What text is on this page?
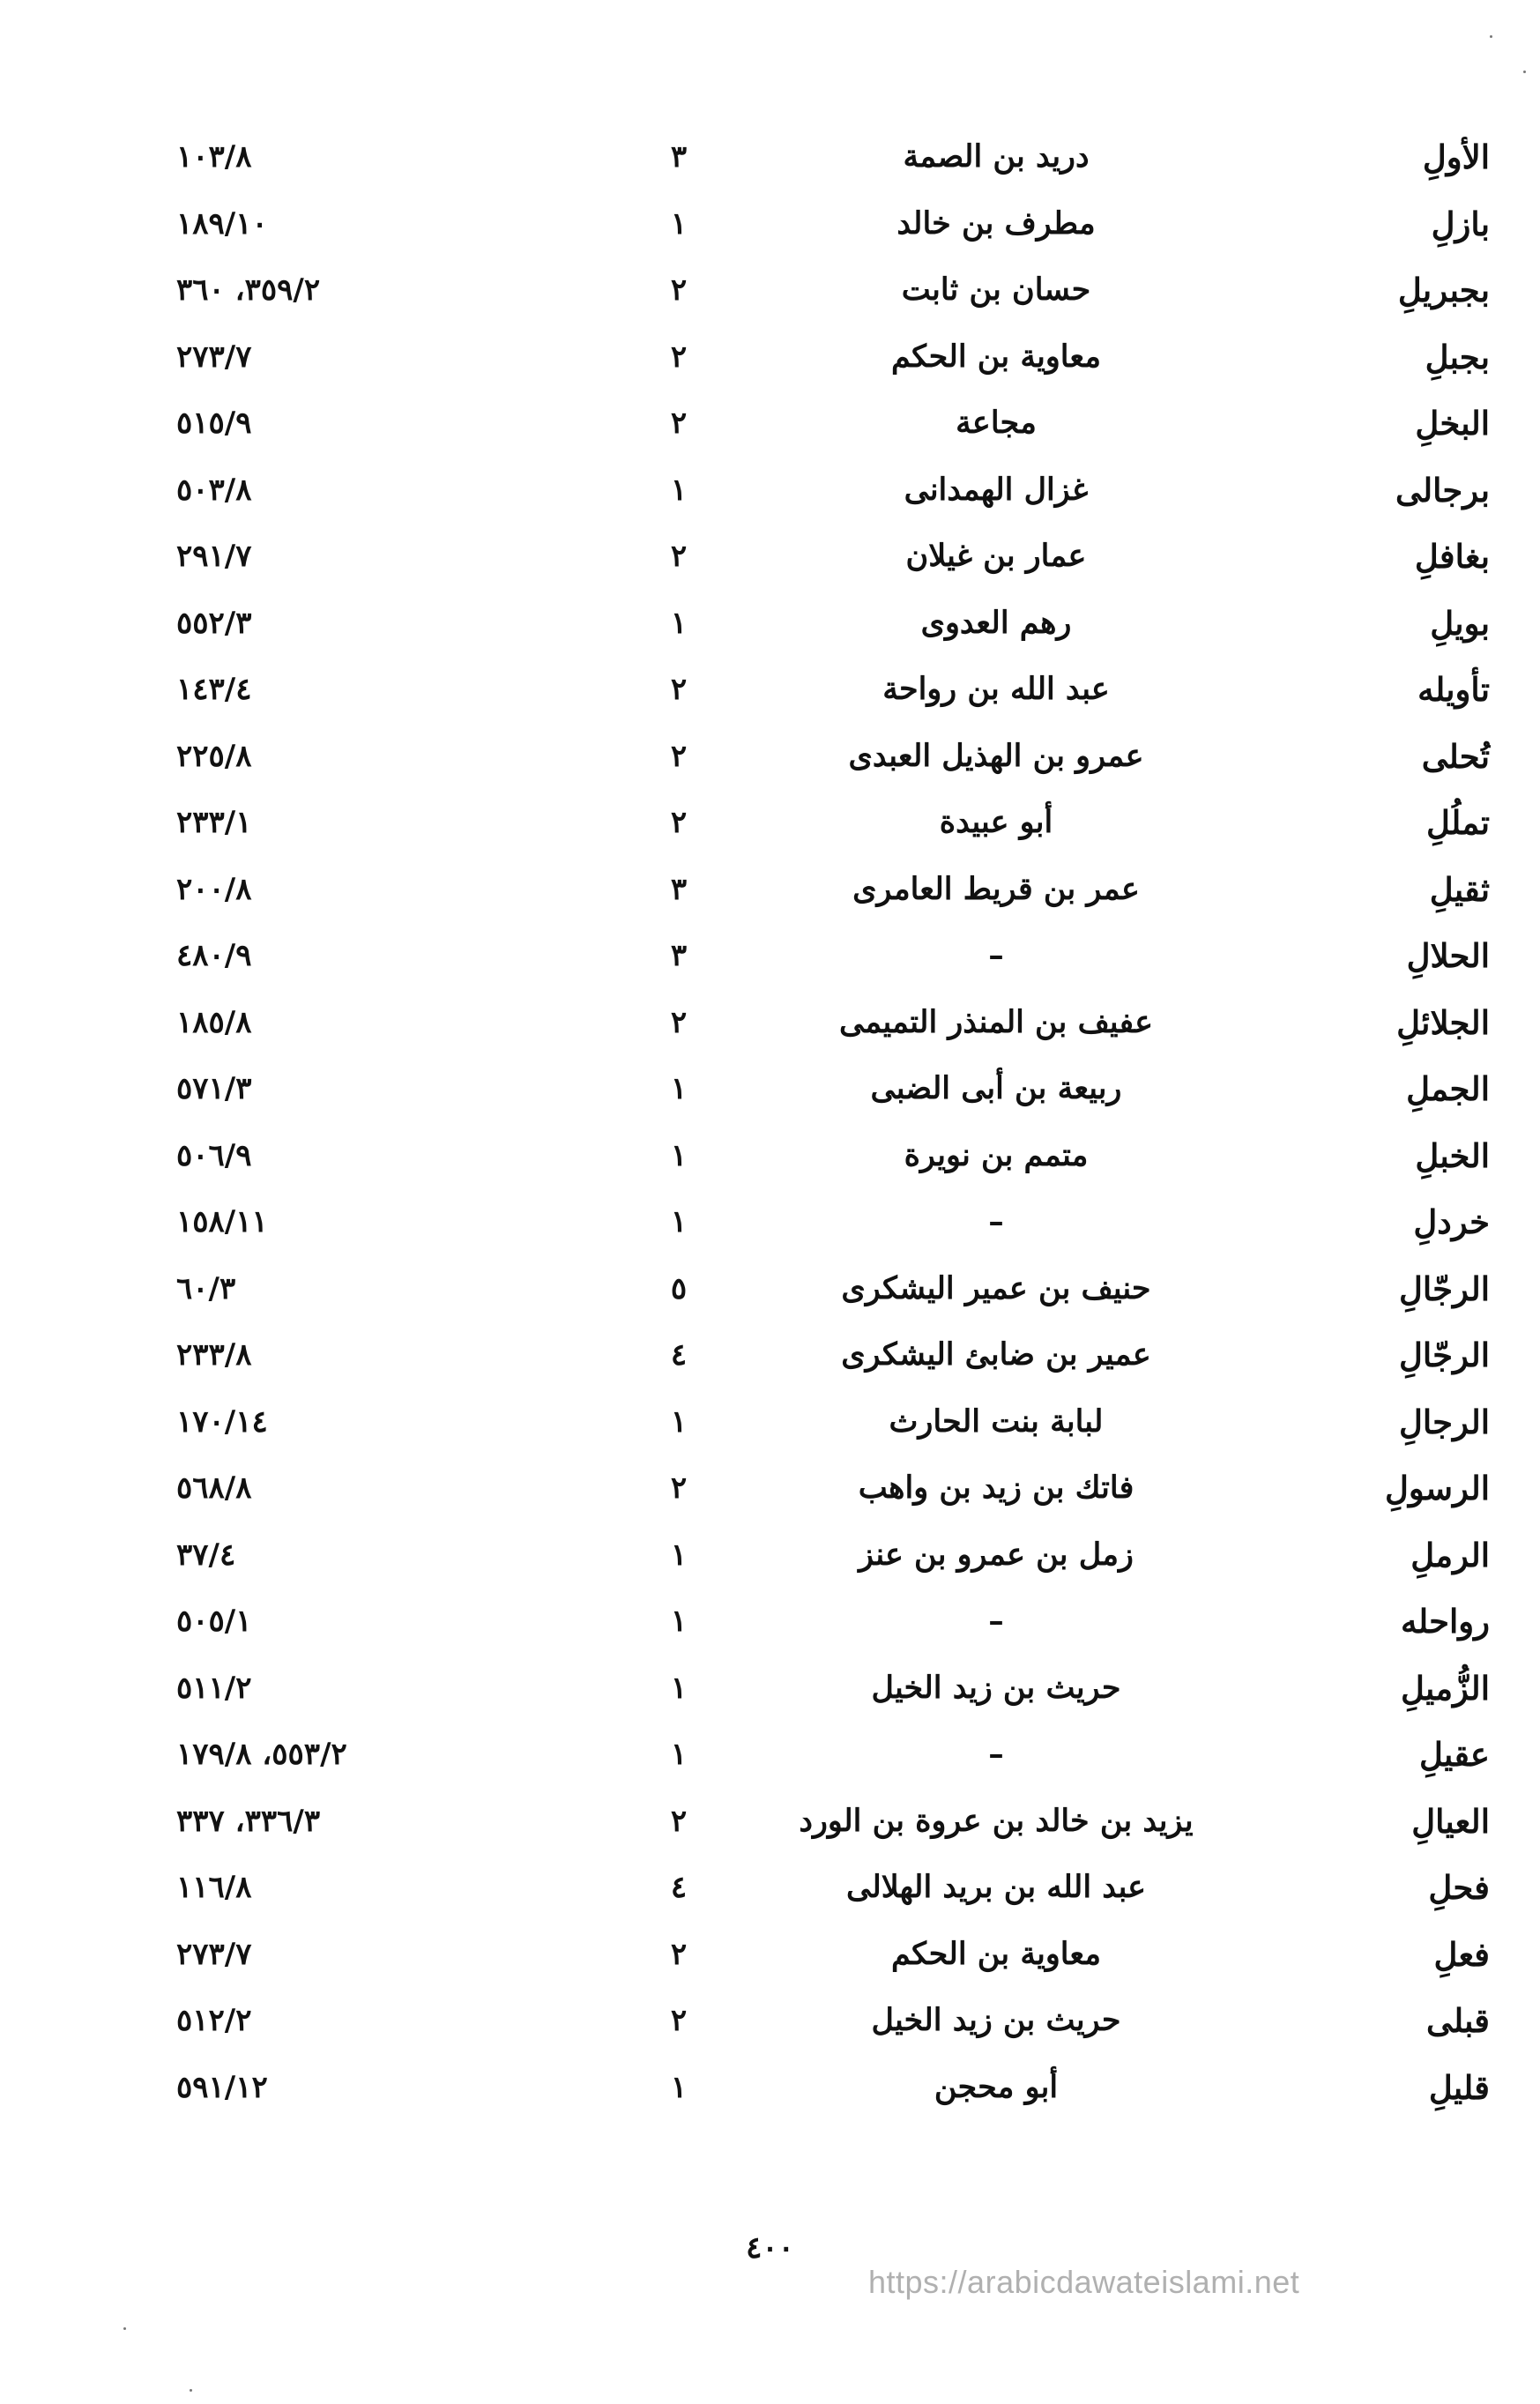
الأولِ
دريد بن الصمة
٣
١٠٣/٨
بازلِ
مطرف بن خالد
١
١٨٩/١٠
بجبريلِ
حسان بن ثابت
٢
٣٥٩/٢، ٣٦٠
بجبلِ
معاوية بن الحكم
٢
٢٧٣/٧
البخلِ
مجاعة
٢
٥١٥/٩
برجالى
غزال الهمدانى
١
٥٠٣/٨
بغافلِ
عمار بن غيلان
٢
٢٩١/٧
بويلِ
رهم العدوى
١
٥٥٢/٣
تأويله
عبد الله بن رواحة
٢
١٤٣/٤
تُحلى
عمرو بن الهذيل العبدى
٢
٢٢٥/٨
تملُلِ
أبو عبيدة
٢
٢٣٣/١
ثقيلِ
عمر بن قريط العامرى
٣
٢٠٠/٨
الحلالِ
–
٣
٤٨٠/٩
الجلائلِ
عفيف بن المنذر التميمى
٢
١٨٥/٨
الجملِ
ربيعة بن أبى الضبى
١
٥٧١/٣
الخبلِ
متمم بن نويرة
١
٥٠٦/٩
خردلِ
–
١
١٥٨/١١
الرجّالِ
حنيف بن عمير اليشكرى
٥
٦٠/٣
الرجّالِ
عمير بن ضابئ اليشكرى
٤
٢٣٣/٨
الرجالِ
لبابة بنت الحارث
١
١٧٠/١٤
الرسولِ
فاتك بن زيد بن واهب
٢
٥٦٨/٨
الرملِ
زمل بن عمرو بن عنز
١
٣٧/٤
رواحله
–
١
٥٠٥/١
الزُّميلِ
حريث بن زيد الخيل
١
٥١١/٢
عقيلِ
–
١
٥٥٣/٢، ١٧٩/٨
العيالِ
يزيد بن خالد بن عروة بن الورد
٢
٣٣٦/٣، ٣٣٧
فحلِ
عبد الله بن بريد الهلالى
٤
١١٦/٨
فعلِ
معاوية بن الحكم
٢
٢٧٣/٧
قبلى
حريث بن زيد الخيل
٢
٥١٢/٢
قليلِ
أبو محجن
١
٥٩١/١٢
٤٠٠
https://arabicdawateislami.net
